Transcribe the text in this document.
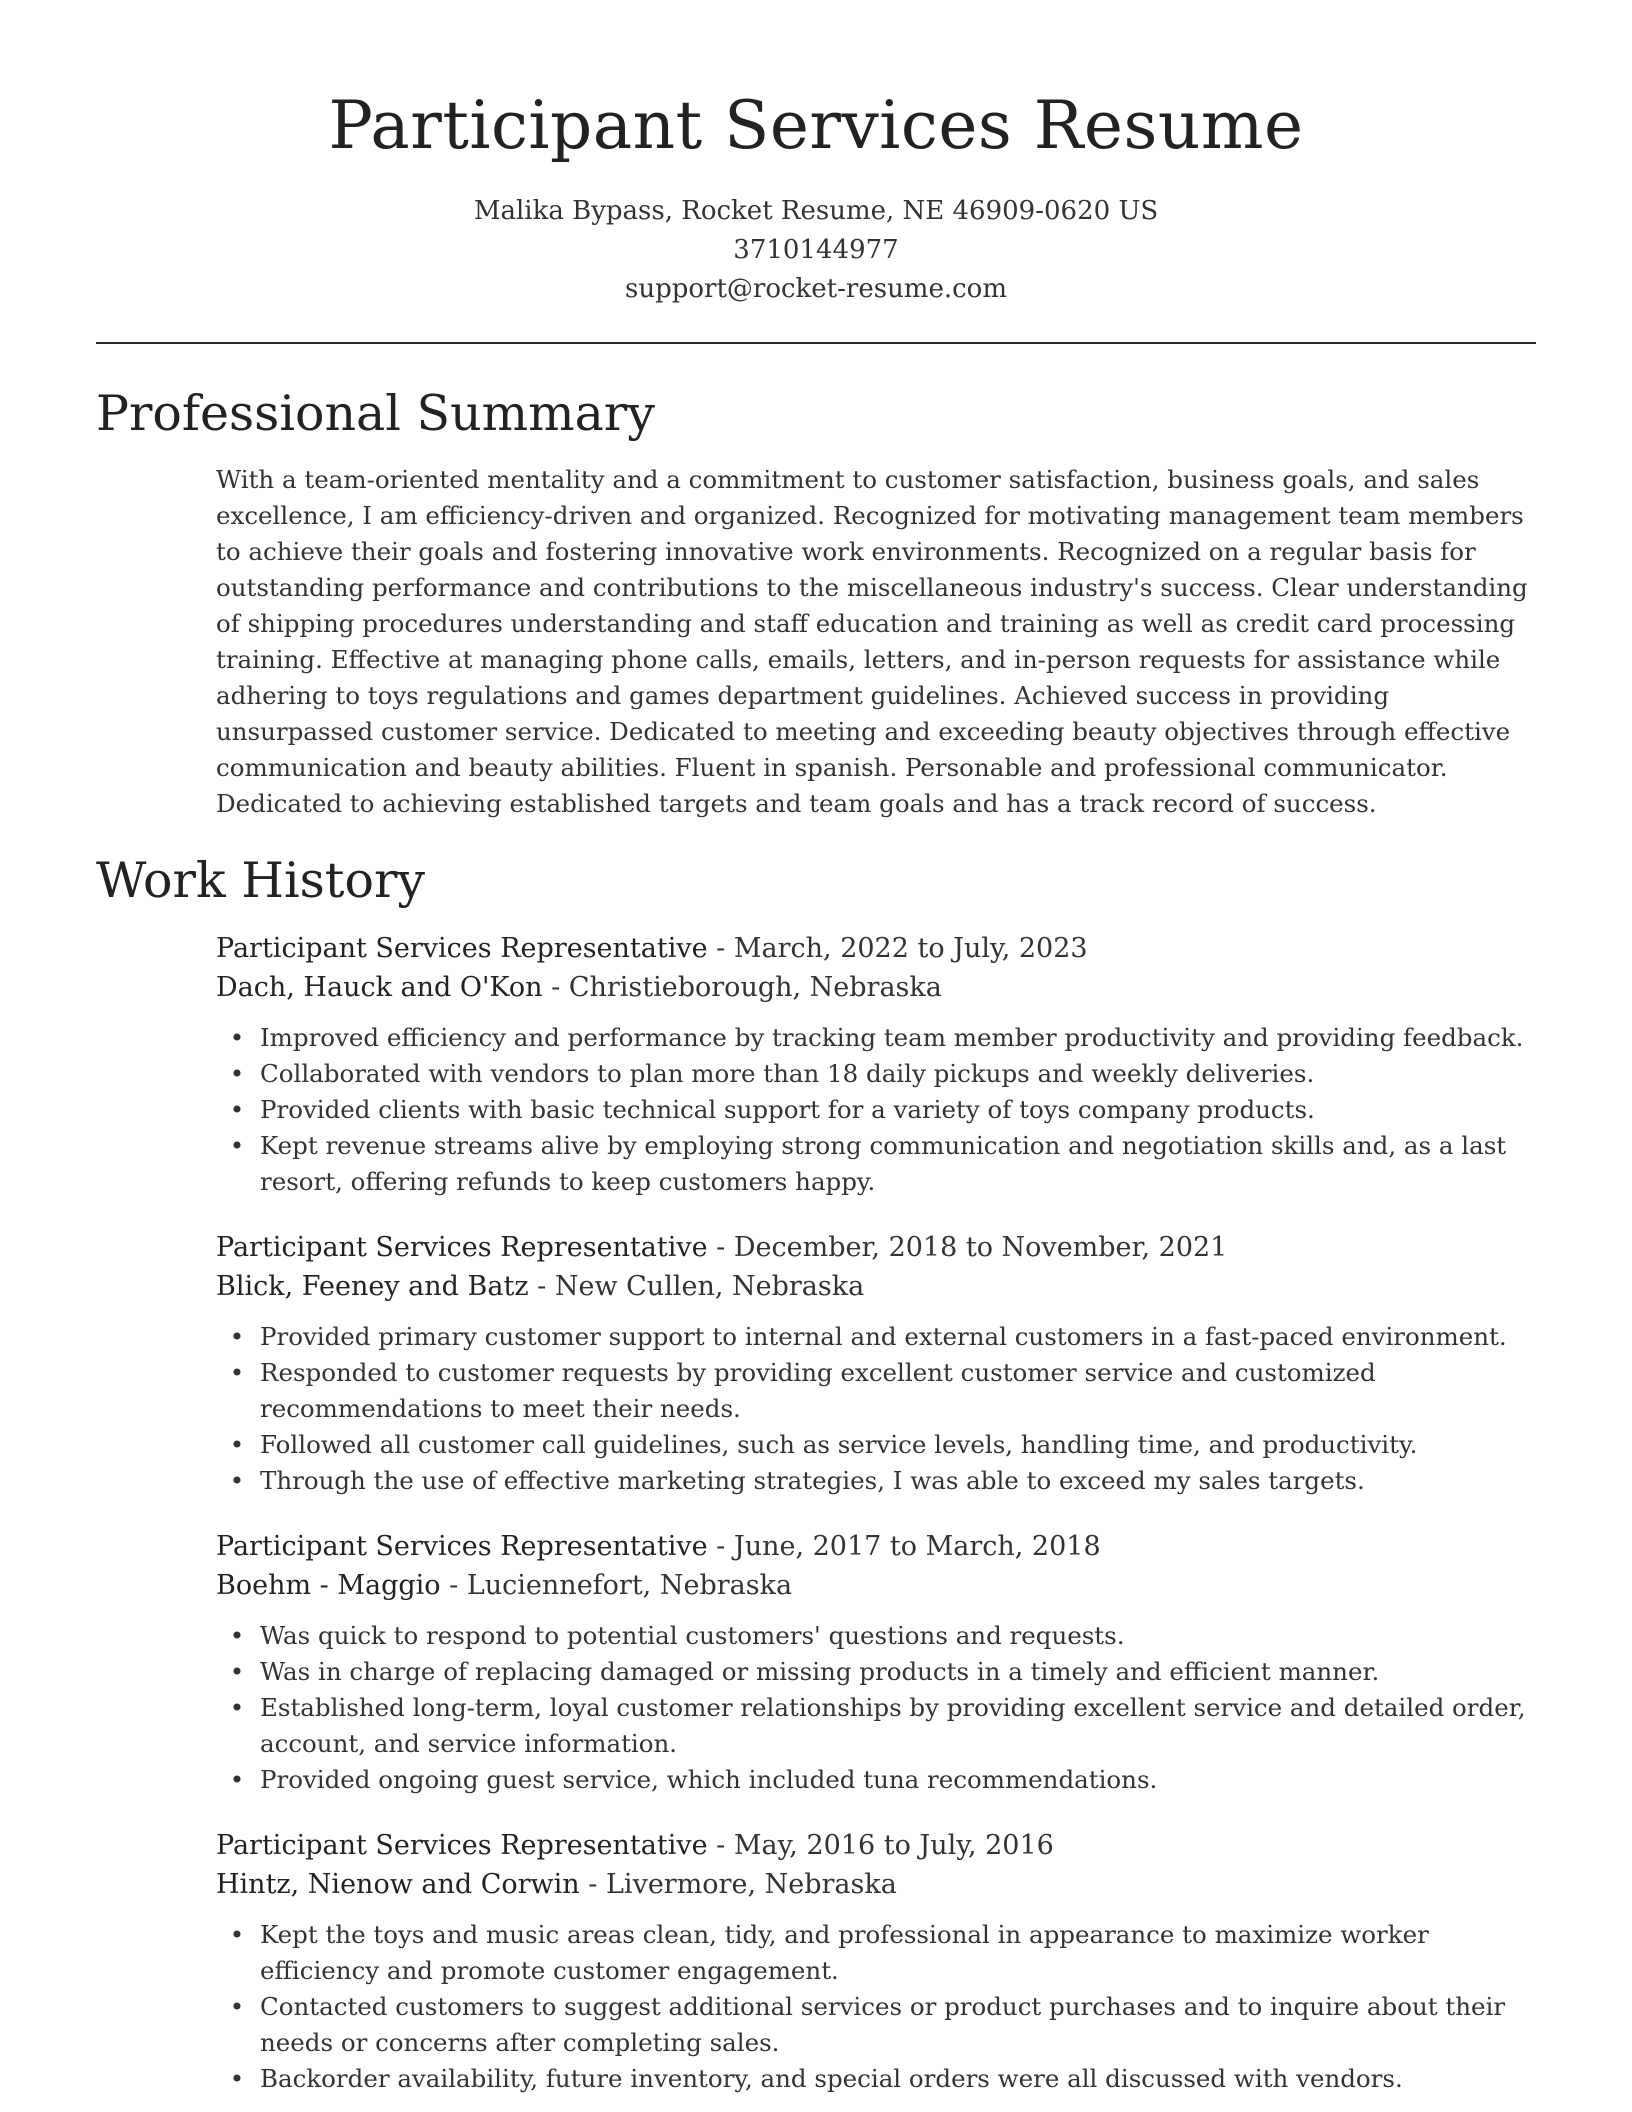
Participant Services Resume
Malika Bypass, Rocket Resume, NE 46909-0620 US
3710144977
support@rocket-resume.com
Professional Summary

With a team-oriented mentality and a commitment to customer satisfaction, business goals, and sales excellence, I am efficiency-driven and organized. Recognized for motivating management team members to achieve their goals and fostering innovative work environments. Recognized on a regular basis for outstanding performance and contributions to the miscellaneous industry's success. Clear understanding of shipping procedures understanding and staff education and training as well as credit card processing training. Effective at managing phone calls, emails, letters, and in-person requests for assistance while adhering to toys regulations and games department guidelines. Achieved success in providing unsurpassed customer service. Dedicated to meeting and exceeding beauty objectives through effective communication and beauty abilities. Fluent in spanish. Personable and professional communicator. Dedicated to achieving established targets and team goals and has a track record of success.

Work History
Participant Services Representative - March, 2022 to July, 2023
Dach, Hauck and O'Kon - Christieborough, Nebraska
• Improved efficiency and performance by tracking team member productivity and providing feedback.
• Collaborated with vendors to plan more than 18 daily pickups and weekly deliveries.
• Provided clients with basic technical support for a variety of toys company products.
• Kept revenue streams alive by employing strong communication and negotiation skills and, as a last resort, offering refunds to keep customers happy.
Participant Services Representative - December, 2018 to November, 2021
Blick, Feeney and Batz - New Cullen, Nebraska
• Provided primary customer support to internal and external customers in a fast-paced environment.
• Responded to customer requests by providing excellent customer service and customized recommendations to meet their needs.
• Followed all customer call guidelines, such as service levels, handling time, and productivity.
• Through the use of effective marketing strategies, I was able to exceed my sales targets.
Participant Services Representative - June, 2017 to March, 2018
Boehm - Maggio - Luciennefort, Nebraska
• Was quick to respond to potential customers' questions and requests.
• Was in charge of replacing damaged or missing products in a timely and efficient manner.
• Established long-term, loyal customer relationships by providing excellent service and detailed order, account, and service information.
• Provided ongoing guest service, which included tuna recommendations.
Participant Services Representative - May, 2016 to July, 2016
Hintz, Nienow and Corwin - Livermore, Nebraska
• Kept the toys and music areas clean, tidy, and professional in appearance to maximize worker efficiency and promote customer engagement.
• Contacted customers to suggest additional services or product purchases and to inquire about their needs or concerns after completing sales.
• Backorder availability, future inventory, and special orders were all discussed with vendors.
